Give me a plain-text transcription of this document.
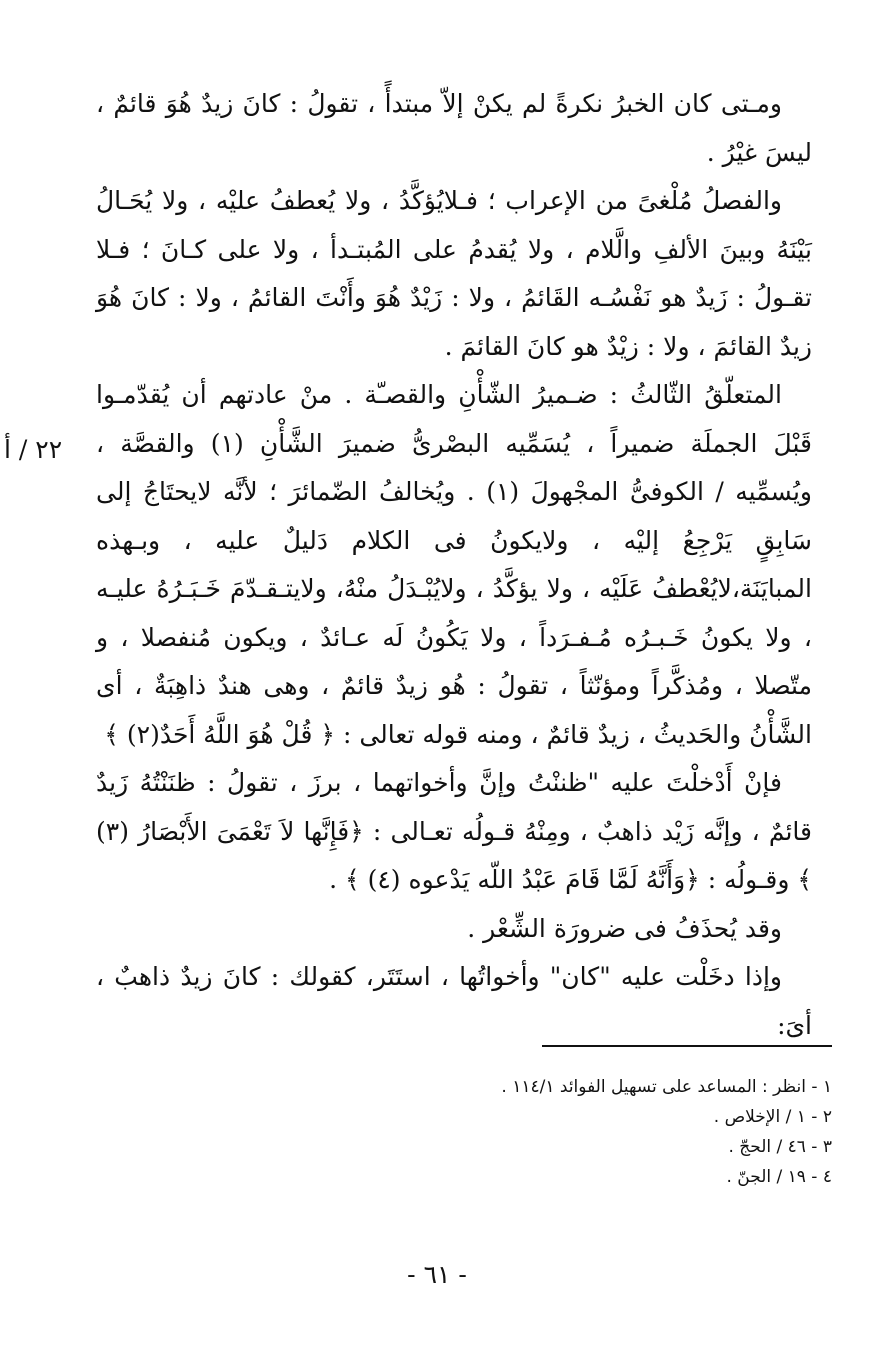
ومـتى كان الخبرُ نكرةً لم يكنْ إلاّ مبتدأً ، تقولُ : كانَ زيدٌ هُوَ قائمٌ ، ليسَ غيْرُ .

والفصلُ مُلْغىً من الإعراب ؛ فـلايُؤكَّدُ ، ولا يُعطفُ عليْه ، ولا يُحَـالُ بَيْنَهُ وبينَ الألفِ والَّلام ، ولا يُقدمُ على المُبتـدأ ، ولا على كـانَ ؛ فـلا تقـولُ : زَيدٌ هو نَفْسُـه القَائمُ ، ولا : زَيْدٌ هُوَ وأَنْتَ القائمُ ، ولا : كانَ هُوَ زيدٌ القائمَ ، ولا : زيْدٌ هو كانَ القائمَ .

المتعلّقُ الثّالثُ : ضـميرُ الشّأْنِ والقصـّة . منْ عادتهم أن يُقدّمـوا قَبْلَ الجملَة ضميراً ، يُسَمِّيه البصْرىُّ ضميرَ الشَّأْنِ (١) والقصَّة ، ويُسمِّيه / الكوفىُّ المجْهولَ (١) . ويُخالفُ الضّمائرَ ؛ لأنَّه لايحتَاجُ إلى سَابِقٍ يَرْجِعُ إليْه ، ولايكونُ فى الكلام دَليلٌ عليه ، وبـهذه المبايَنَة،لايُعْطفُ عَلَيْه ، ولا يؤكَّدُ ، ولايُبْـدَلُ منْهُ، ولايتـقـدّمَ خَـبَـرُهُ عليـه ، ولا يكونُ خَـبـرُه مُـفـرَداً ، ولا يَكُونُ لَه عـائدٌ ، ويكون مُنفصلا ، و متّصلا ، ومُذكَّراً ومؤنّثاً ، تقولُ : هُو زيدٌ قائمٌ ، وهى هندٌ ذاهِبَةٌ ، أى الشَّأْنُ والحَديثُ ، زيدٌ قائمٌ ، ومنه قوله تعالى : ﴿ قُلْ هُوَ اللَّهُ أَحَدٌ(٢) ﴾

فإنْ أَدْخلْتَ عليه "ظننْتُ وإنَّ وأخواتهما ، برزَ ، تقولُ : ظنَنْتُهُ زَيدٌ قائمٌ ، وإنَّه زَيْد ذاهبٌ ، ومِنْهُ قـولُه تعـالى : ﴿فَإِنَّها لاَ تَعْمَىَ الأَبْصَارُ (٣) ﴾ وقـولُه : ﴿وَأَنَّهُ لَمَّا قَامَ عَبْدُ اللّه يَدْعوه (٤) ﴾ .

وقد يُحذَفُ فى ضرورَة الشِّعْر .

وإذا دخَلْت عليه "كان" وأخواتُها ، استَتَر، كقولك : كانَ زيدٌ ذاهبٌ ، أىَ:

٢٢ / أ

١ - انظر : المساعد على تسهيل الفوائد ١١٤/١ .

٢ - ١ / الإخلاص .

٣ - ٤٦ / الحجّ .

٤ - ١٩ / الجنّ .

- ٦١ -
